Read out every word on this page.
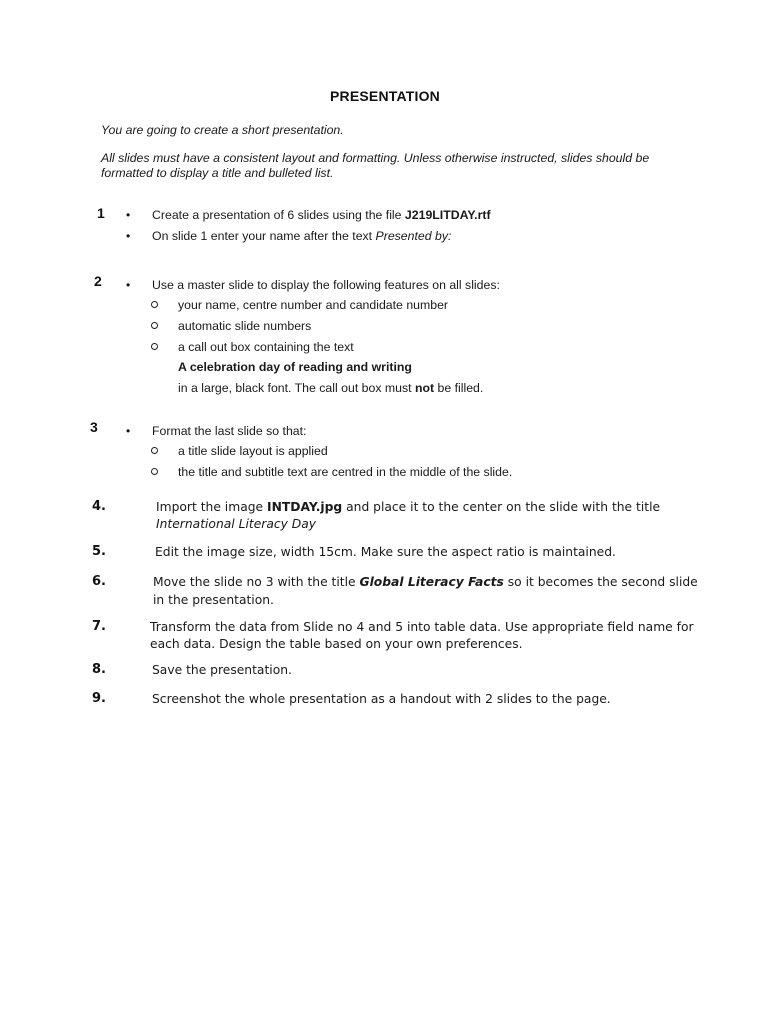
PRESENTATION
You are going to create a short presentation.
All slides must have a consistent layout and formatting. Unless otherwise instructed, slides should be
formatted to display a title and bulleted list.
1 • Create a presentation of 6 slides using the file J219LITDAY.rtf
• On slide 1 enter your name after the text Presented by:
2 • Use a master slide to display the following features on all slides:
your name, centre number and candidate number
automatic slide numbers
a call out box containing the text
A celebration day of reading and writing
in a large, black font. The call out box must not be filled.
3 • Format the last slide so that:
a title slide layout is applied
the title and subtitle text are centred in the middle of the slide.
4.	Import the image INTDAY.jpg and place it to the center on the slide with the title
International Literacy Day
5.	Edit the image size, width 15cm. Make sure the aspect ratio is maintained.
6.	Move the slide no 3 with the title Global Literacy Facts so it becomes the second slide
in the presentation.
7.	Transform the data from Slide no 4 and 5 into table data. Use appropriate field name for
each data. Design the table based on your own preferences.
8.	Save the presentation.
9.	Screenshot the whole presentation as a handout with 2 slides to the page.
